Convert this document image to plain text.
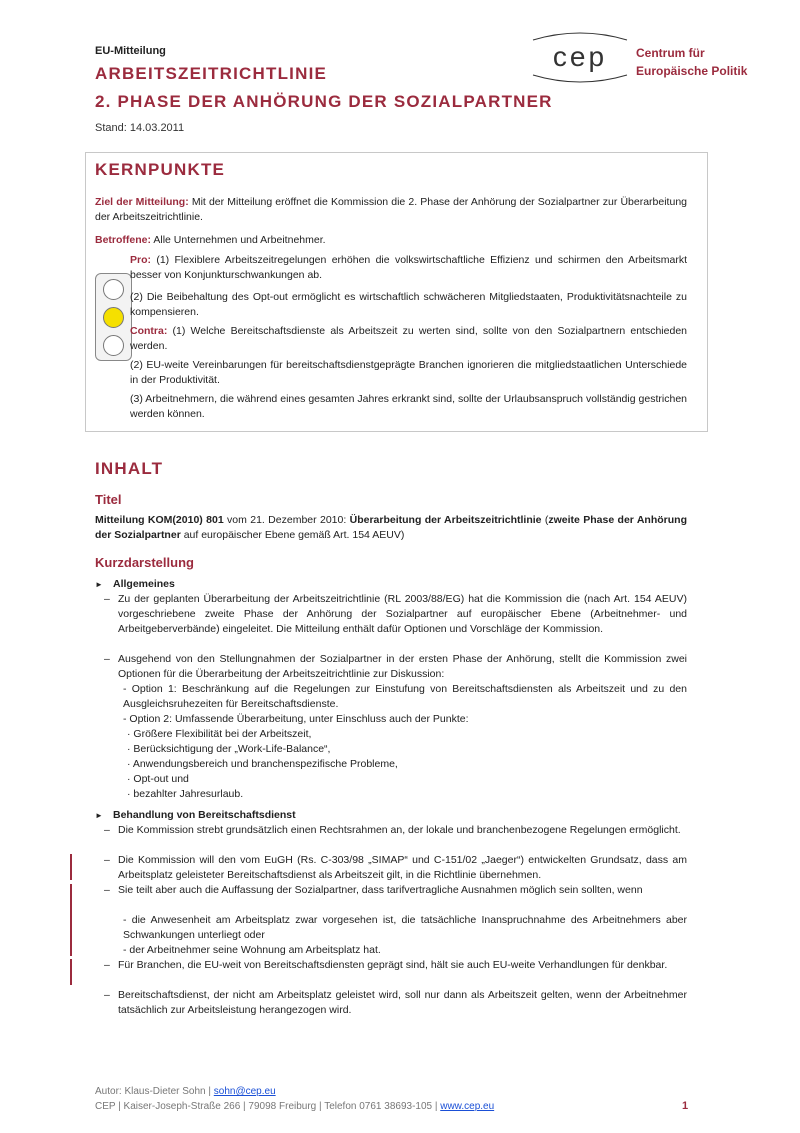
EU-Mitteilung
ARBEITSZEITRICHTLINIE
2. PHASE DER ANHÖRUNG DER SOZIALPARTNER
Stand: 14.03.2011
cep Centrum für
Europäische Politik
KERNPUNKTE
Ziel der Mitteilung: Mit der Mitteilung eröffnet die Kommission die 2. Phase der Anhörung der Sozialpartner zur Überarbeitung der Arbeitszeitrichtlinie.
Betroffene: Alle Unternehmen und Arbeitnehmer.
Pro: (1) Flexiblere Arbeitszeitregelungen erhöhen die volkswirtschaftliche Effizienz und schirmen den Arbeitsmarkt besser von Konjunkturschwankungen ab.
(2) Die Beibehaltung des Opt-out ermöglicht es wirtschaftlich schwächeren Mitgliedstaaten, Produktivitätsnachteile zu kompensieren.
Contra: (1) Welche Bereitschaftsdienste als Arbeitszeit zu werten sind, sollte von den Sozialpartnern entschieden werden.
(2) EU-weite Vereinbarungen für bereitschaftsdienstgeprägte Branchen ignorieren die mitgliedstaatlichen Unterschiede in der Produktivität.
(3) Arbeitnehmern, die während eines gesamten Jahres erkrankt sind, sollte der Urlaubsanspruch vollständig gestrichen werden können.
INHALT
Titel
Mitteilung KOM(2010) 801 vom 21. Dezember 2010: Überarbeitung der Arbeitszeitrichtlinie (zweite Phase der Anhörung der Sozialpartner auf europäischer Ebene gemäß Art. 154 AEUV)
Kurzdarstellung
► Allgemeines
– Zu der geplanten Überarbeitung der Arbeitszeitrichtlinie (RL 2003/88/EG) hat die Kommission die (nach Art. 154 AEUV) vorgeschriebene zweite Phase der Anhörung der Sozialpartner auf europäischer Ebene (Arbeitnehmer- und Arbeitgeberverbände) eingeleitet. Die Mitteilung enthält dafür Optionen und Vorschläge der Kommission.
– Ausgehend von den Stellungnahmen der Sozialpartner in der ersten Phase der Anhörung, stellt die Kommission zwei Optionen für die Überarbeitung der Arbeitszeitrichtlinie zur Diskussion:
- Option 1: Beschränkung auf die Regelungen zur Einstufung von Bereitschaftsdiensten als Arbeitszeit und zu den Ausgleichsruhezeiten für Bereitschaftsdienste.
- Option 2: Umfassende Überarbeitung, unter Einschluss auch der Punkte:
· Größere Flexibilität bei der Arbeitszeit,
· Berücksichtigung der „Work-Life-Balance“,
· Anwendungsbereich und branchenspezifische Probleme,
· Opt-out und
· bezahlter Jahresurlaub.
► Behandlung von Bereitschaftsdienst
– Die Kommission strebt grundsätzlich einen Rechtsrahmen an, der lokale und branchenbezogene Regelungen ermöglicht.
– Die Kommission will den vom EuGH (Rs. C-303/98 „SIMAP“ und C-151/02 „Jaeger“) entwickelten Grundsatz, dass am Arbeitsplatz geleisteter Bereitschaftsdienst als Arbeitszeit gilt, in die Richtlinie übernehmen.
– Sie teilt aber auch die Auffassung der Sozialpartner, dass tarifvertragliche Ausnahmen möglich sein sollten, wenn
- die Anwesenheit am Arbeitsplatz zwar vorgesehen ist, die tatsächliche Inanspruchnahme des Arbeitnehmers aber Schwankungen unterliegt oder
- der Arbeitnehmer seine Wohnung am Arbeitsplatz hat.
– Für Branchen, die EU-weit von Bereitschaftsdiensten geprägt sind, hält sie auch EU-weite Verhandlungen für denkbar.
– Bereitschaftsdienst, der nicht am Arbeitsplatz geleistet wird, soll nur dann als Arbeitszeit gelten, wenn der Arbeitnehmer tatsächlich zur Arbeitsleistung herangezogen wird.
Autor: Klaus-Dieter Sohn | sohn@cep.eu
CEP | Kaiser-Joseph-Straße 266 | 79098 Freiburg | Telefon 0761 38693-105 | www.cep.eu	1
